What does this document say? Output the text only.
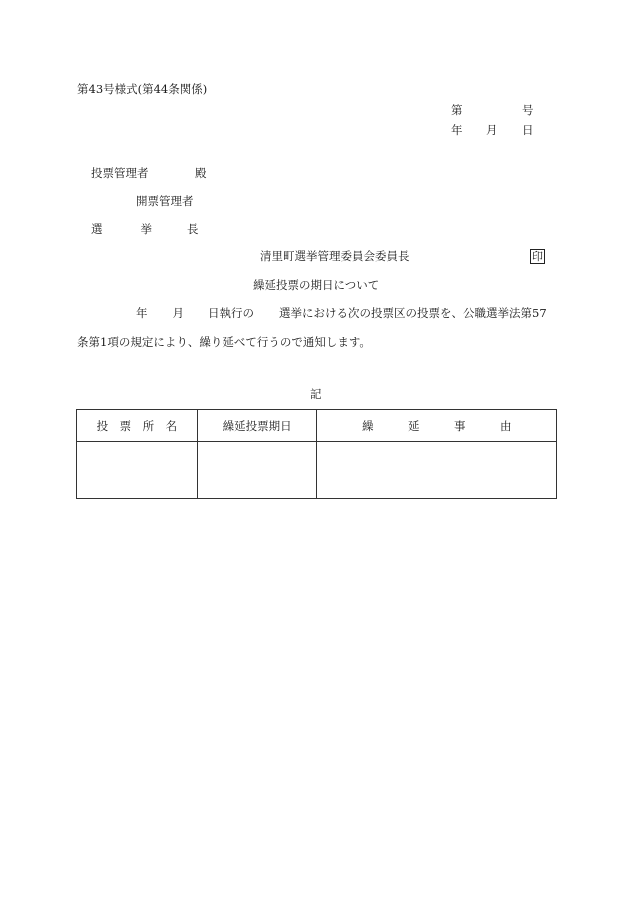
第43号様式(第44条関係)
第	号
年 月 日
投票管理者	殿
開票管理者
選	挙	長
清里町選挙管理委員会委員長	印
繰延投票の期日について
年 月 日執行の 選挙における次の投票区の投票を、公職選挙法第57
条第1項の規定により、繰り延べて行うので通知します。
記
投　票　所　名	繰延投票期日	繰　　　延　　　事　　　由
